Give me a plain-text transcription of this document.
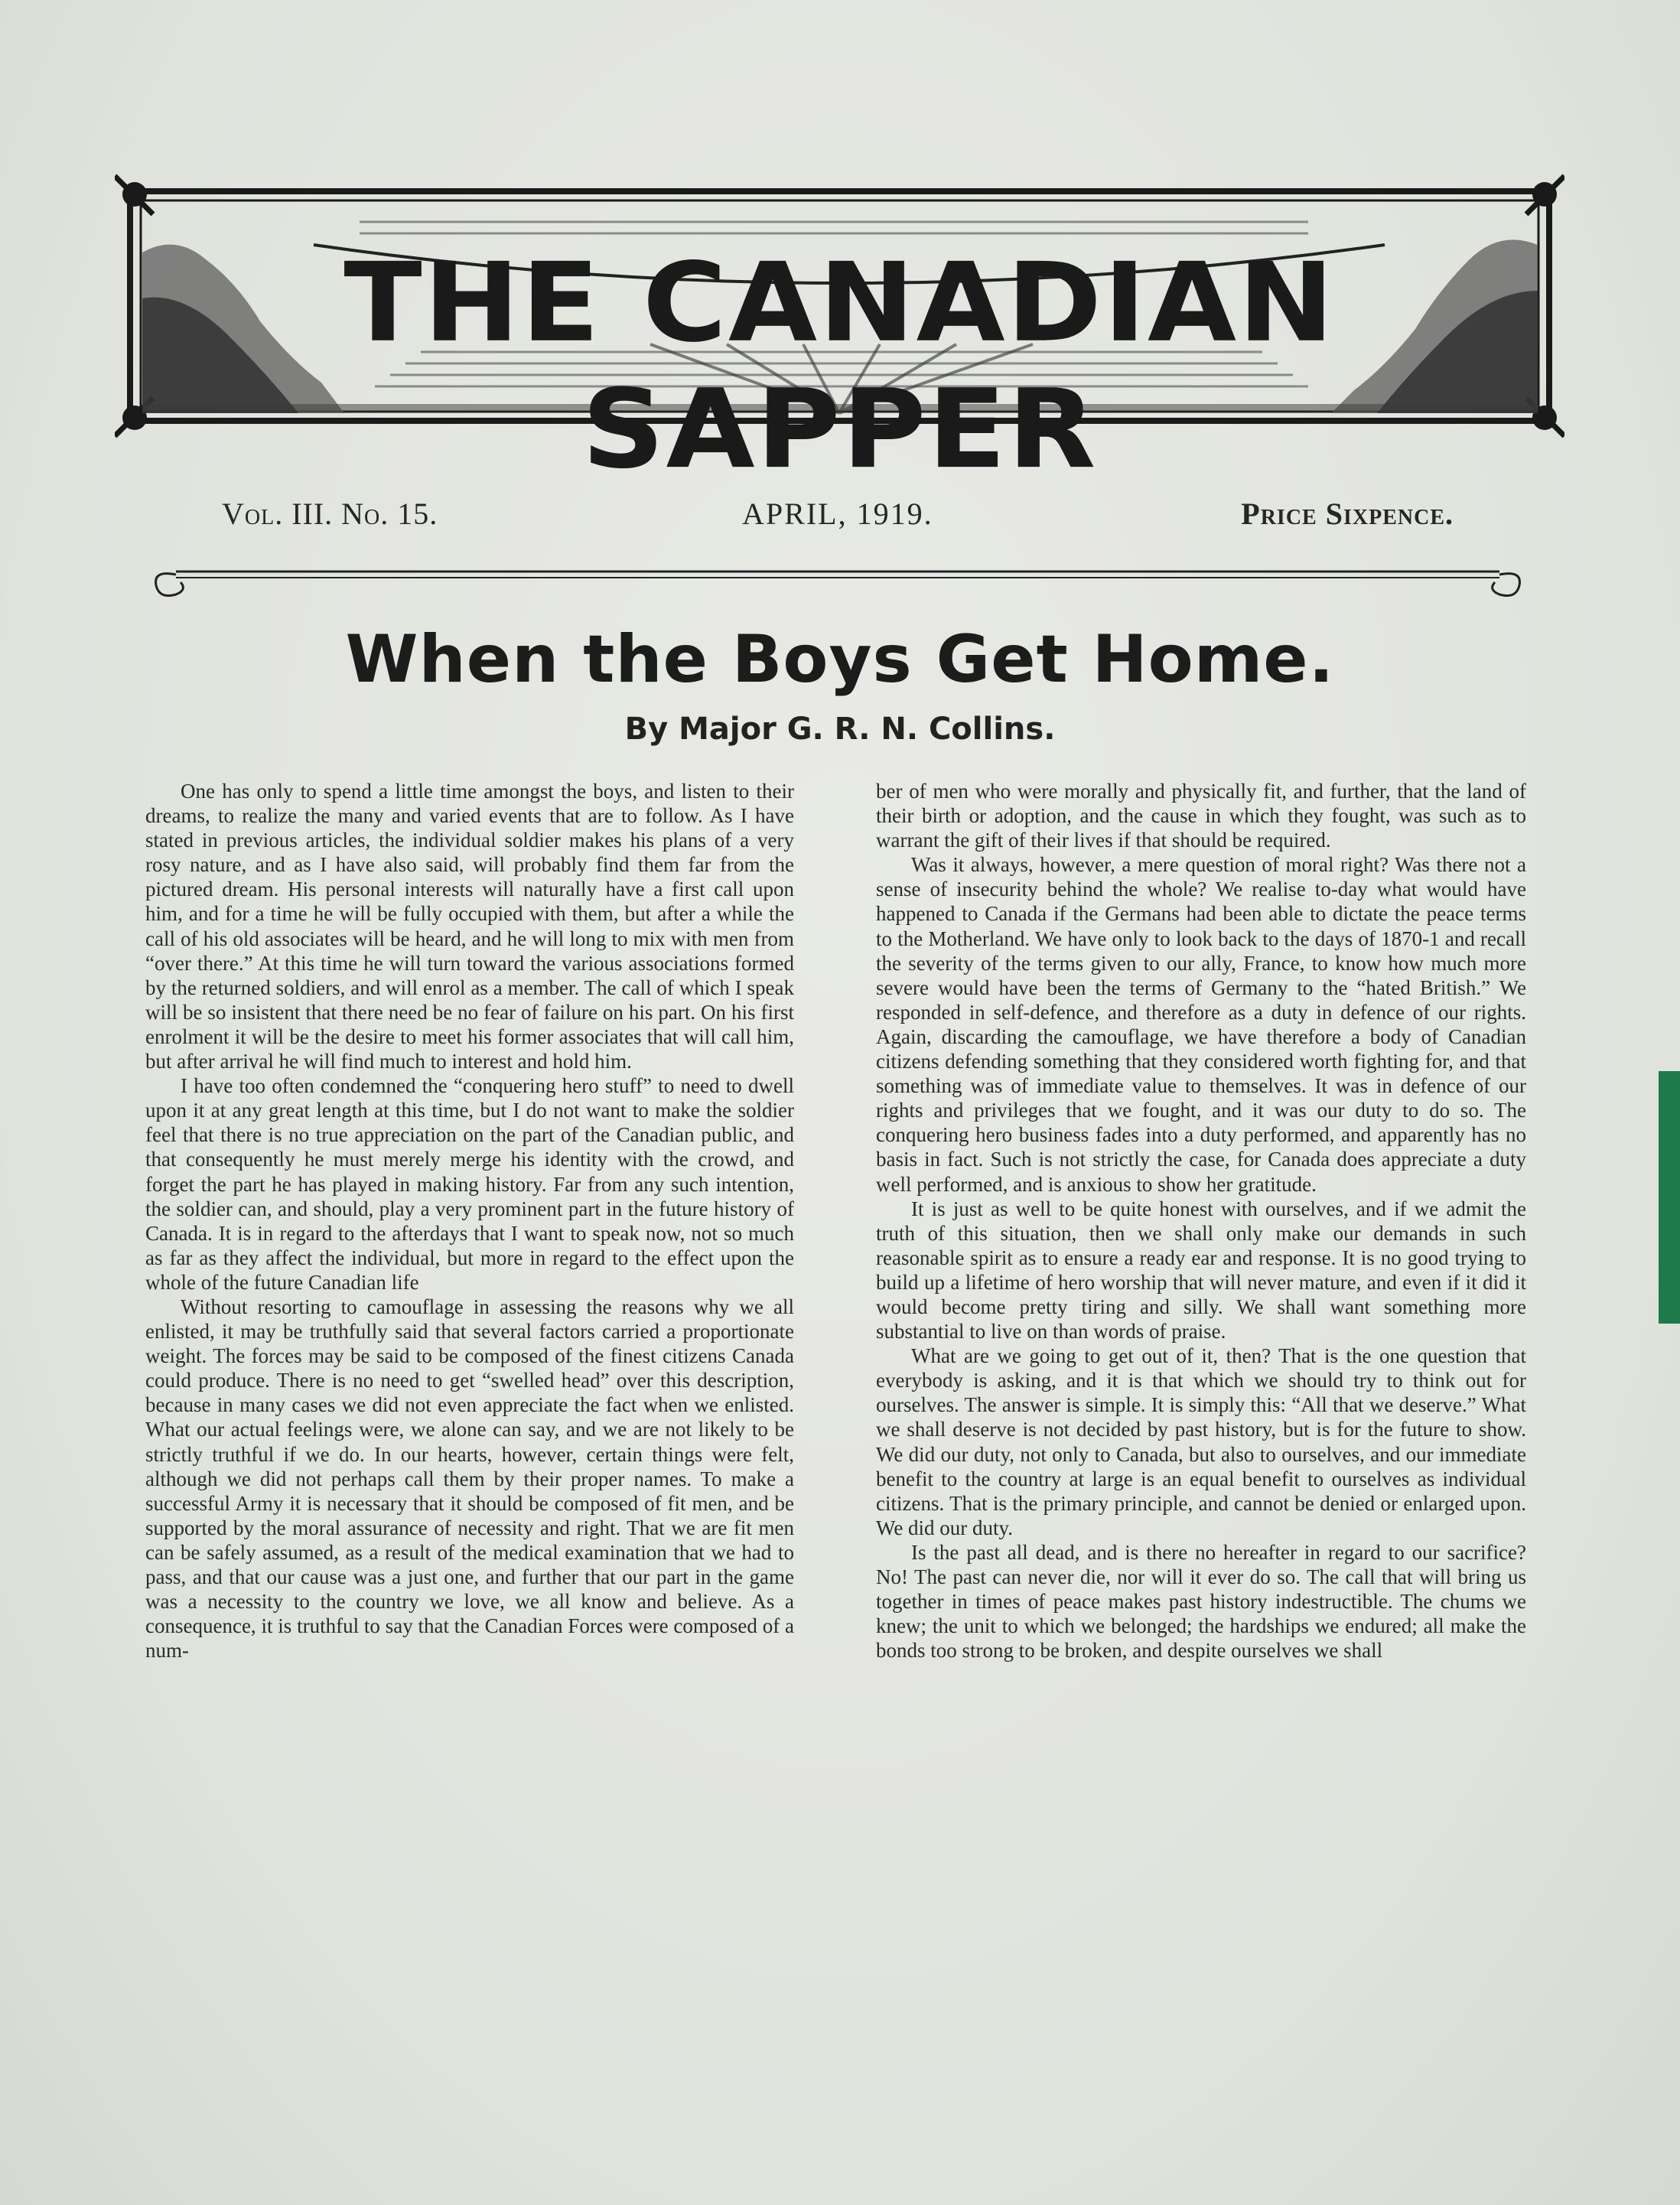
THE CANADIAN SAPPER
Vol. III. No. 15.	APRIL, 1919.	Price Sixpence.
When the Boys Get Home.
By Major G. R. N. Collins.

One has only to spend a little time amongst the boys, and listen to their dreams, to realize the many and varied events that are to follow. As I have stated in previous articles, the individual soldier makes his plans of a very rosy nature, and as I have also said, will probably find them far from the pictured dream. His personal interests will naturally have a first call upon him, and for a time he will be fully occupied with them, but after a while the call of his old associates will be heard, and he will long to mix with men from “over there.” At this time he will turn toward the various associations formed by the returned soldiers, and will enrol as a member. The call of which I speak will be so insistent that there need be no fear of failure on his part. On his first enrolment it will be the desire to meet his former associates that will call him, but after arrival he will find much to interest and hold him.

I have too often condemned the “conquering hero stuff” to need to dwell upon it at any great length at this time, but I do not want to make the soldier feel that there is no true appreciation on the part of the Canadian public, and that consequently he must merely merge his identity with the crowd, and forget the part he has played in making history. Far from any such intention, the soldier can, and should, play a very prominent part in the future history of Canada. It is in regard to the afterdays that I want to speak now, not so much as far as they affect the individual, but more in regard to the effect upon the whole of the future Canadian life

Without resorting to camouflage in assessing the reasons why we all enlisted, it may be truthfully said that several factors carried a proportionate weight. The forces may be said to be composed of the finest citizens Canada could produce. There is no need to get “swelled head” over this description, because in many cases we did not even appreciate the fact when we enlisted. What our actual feelings were, we alone can say, and we are not likely to be strictly truthful if we do. In our hearts, however, certain things were felt, although we did not perhaps call them by their proper names. To make a successful Army it is necessary that it should be composed of fit men, and be supported by the moral assurance of necessity and right. That we are fit men can be safely assumed, as a result of the medical examination that we had to pass, and that our cause was a just one, and further that our part in the game was a necessity to the country we love, we all know and believe. As a consequence, it is truthful to say that the Canadian Forces were composed of a num-

ber of men who were morally and physically fit, and further, that the land of their birth or adoption, and the cause in which they fought, was such as to warrant the gift of their lives if that should be required.

Was it always, however, a mere question of moral right? Was there not a sense of insecurity behind the whole? We realise to-day what would have happened to Canada if the Germans had been able to dictate the peace terms to the Motherland. We have only to look back to the days of 1870-1 and recall the severity of the terms given to our ally, France, to know how much more severe would have been the terms of Germany to the “hated British.” We responded in self-defence, and therefore as a duty in defence of our rights. Again, discarding the camouflage, we have therefore a body of Canadian citizens defending something that they considered worth fighting for, and that something was of immediate value to themselves. It was in defence of our rights and privileges that we fought, and it was our duty to do so. The conquering hero business fades into a duty performed, and apparently has no basis in fact. Such is not strictly the case, for Canada does appreciate a duty well performed, and is anxious to show her gratitude.

It is just as well to be quite honest with ourselves, and if we admit the truth of this situation, then we shall only make our demands in such reasonable spirit as to ensure a ready ear and response. It is no good trying to build up a lifetime of hero worship that will never mature, and even if it did it would become pretty tiring and silly. We shall want something more substantial to live on than words of praise.

What are we going to get out of it, then? That is the one question that everybody is asking, and it is that which we should try to think out for ourselves. The answer is simple. It is simply this: “All that we deserve.” What we shall deserve is not decided by past history, but is for the future to show. We did our duty, not only to Canada, but also to ourselves, and our immediate benefit to the country at large is an equal benefit to ourselves as individual citizens. That is the primary principle, and cannot be denied or enlarged upon. We did our duty.

Is the past all dead, and is there no hereafter in regard to our sacrifice? No! The past can never die, nor will it ever do so. The call that will bring us together in times of peace makes past history indestructible. The chums we knew; the unit to which we belonged; the hardships we endured; all make the bonds too strong to be broken, and despite ourselves we shall
